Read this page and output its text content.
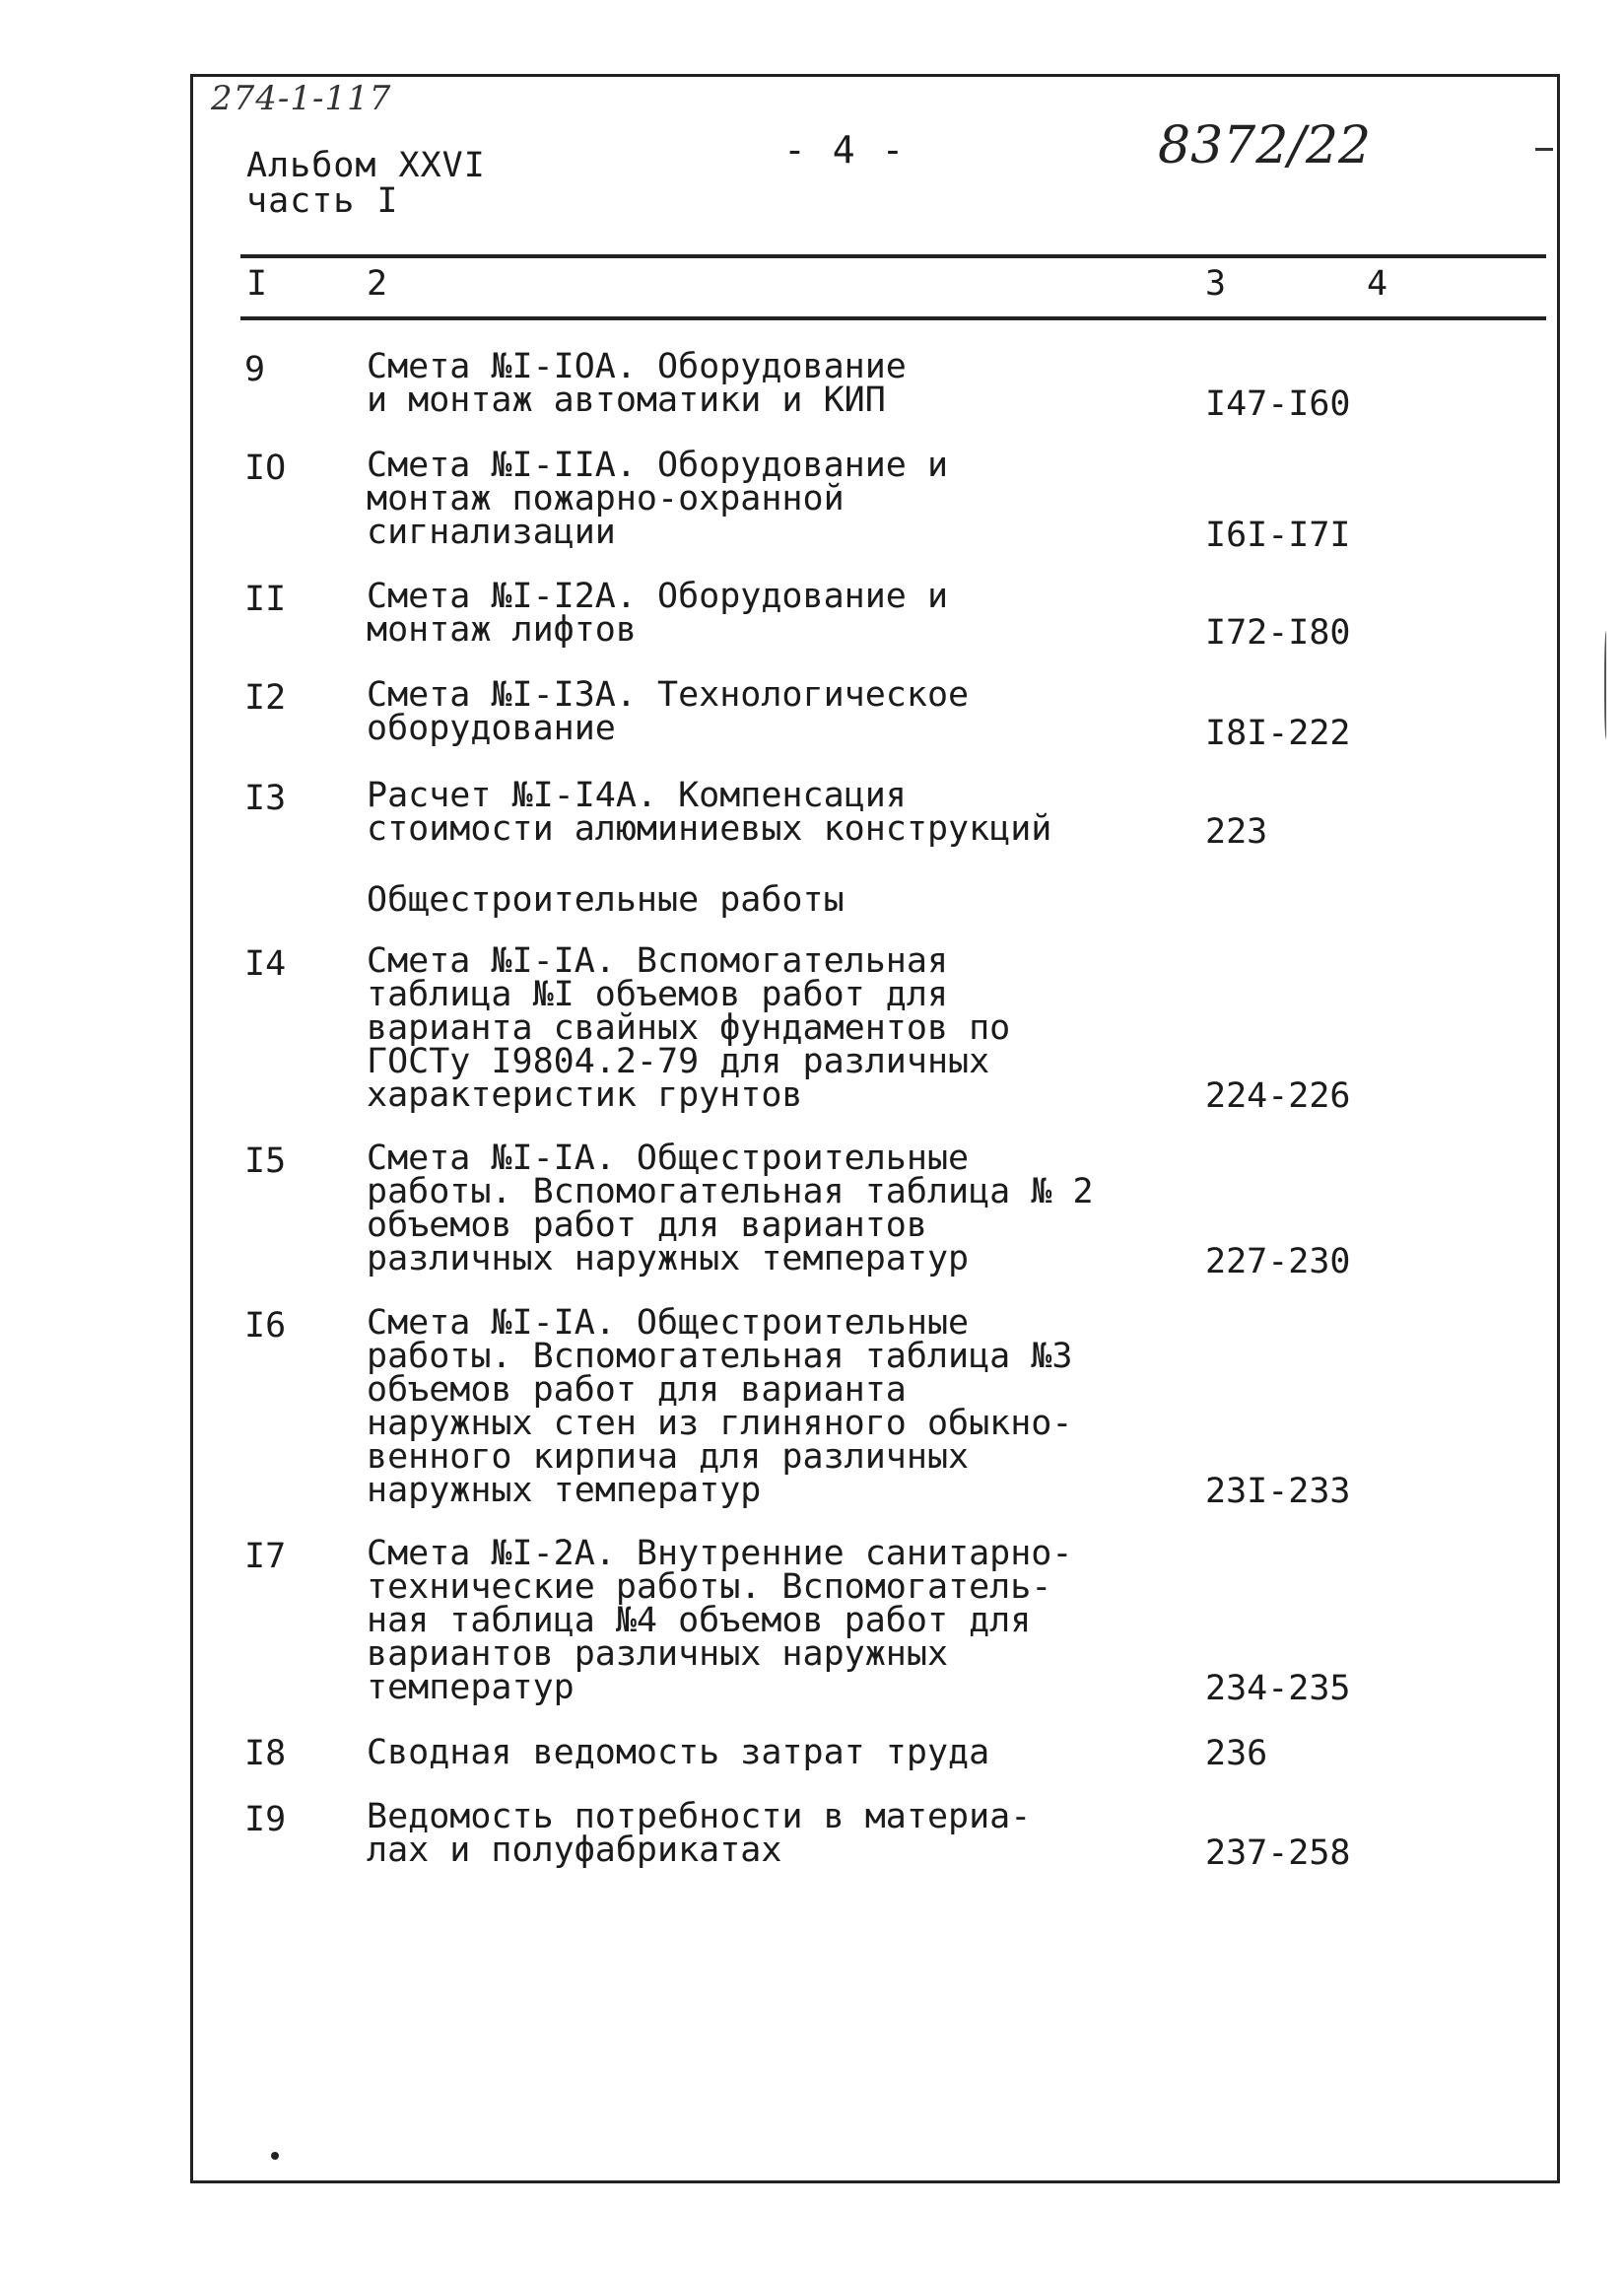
274-1-117
Альбом XXVI
часть I
- 4 -	8372/22
I	2	3	4
9	Смета №I-IOA. Оборудование
и монтаж автоматики и КИП	I47-I60
IO Смета №I-IIA. Оборудование и
монтаж пожарно-охранной
сигнализации	I6I-I7I
II Смета №I-I2A. Оборудование и
монтаж лифтов	I72-I80
I2 Смета №I-I3A. Технологическое
оборудование	I8I-222
I3 Расчет №I-I4A. Компенсация
стоимости алюминиевых конструкций	223
Общестроительные работы
I4 Смета №I-IA. Вспомогательная
таблица №I объемов работ для
варианта свайных фундаментов по
ГОСТу I9804.2-79 для различных
характеристик грунтов	224-226
I5 Смета №I-IA. Общестроительные
работы. Вспомогательная таблица № 2
объемов работ для вариантов
различных наружных температур	227-230
I6 Смета №I-IA. Общестроительные
работы. Вспомогательная таблица №3
объемов работ для варианта
наружных стен из глиняного обыкно-
венного кирпича для различных
наружных температур	23I-233
I7 Смета №I-2A. Внутренние санитарно-
технические работы. Вспомогатель-
ная таблица №4 объемов работ для
вариантов различных наружных
температур	234-235
I8 Сводная ведомость затрат труда	236
I9 Ведомость потребности в материа-
лах и полуфабрикатах	237-258
